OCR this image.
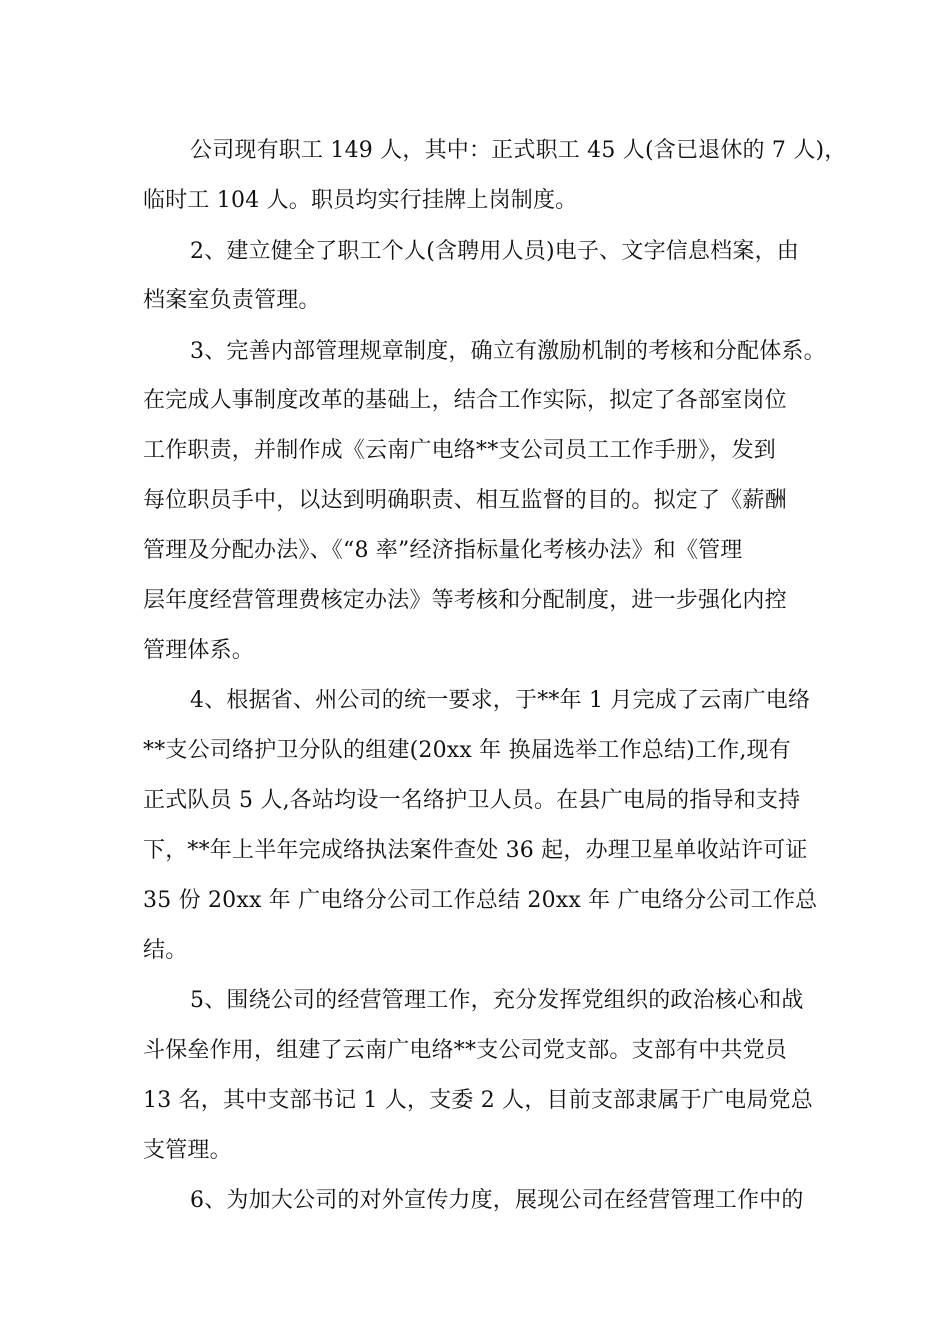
公司现有职工 149 人，其中：正式职工 45 人(含已退休的 7 人)，
临时工 104 人。职员均实行挂牌上岗制度。
2、建立健全了职工个人(含聘用人员)电子、文字信息档案，由
档案室负责管理。
3、完善内部管理规章制度，确立有激励机制的考核和分配体系。
在完成人事制度改革的基础上，结合工作实际，拟定了各部室岗位
工作职责，并制作成《云南广电络**支公司员工工作手册》，发到
每位职员手中，以达到明确职责、相互监督的目的。拟定了《薪酬
管理及分配办法》、《“8 率”经济指标量化考核办法》和《管理
层年度经营管理费核定办法》等考核和分配制度，进一步强化内控
管理体系。
4、根据省、州公司的统一要求，于**年 1 月完成了云南广电络
**支公司络护卫分队的组建(20xx 年 换届选举工作总结)工作,现有
正式队员 5 人,各站均设一名络护卫人员。在县广电局的指导和支持
下，**年上半年完成络执法案件查处 36 起，办理卫星单收站许可证
35 份 20xx 年 广电络分公司工作总结 20xx 年 广电络分公司工作总
结。
5、围绕公司的经营管理工作，充分发挥党组织的政治核心和战
斗保垒作用，组建了云南广电络**支公司党支部。支部有中共党员
13 名，其中支部书记 1 人，支委 2 人，目前支部隶属于广电局党总
支管理。
6、为加大公司的对外宣传力度，展现公司在经营管理工作中的
